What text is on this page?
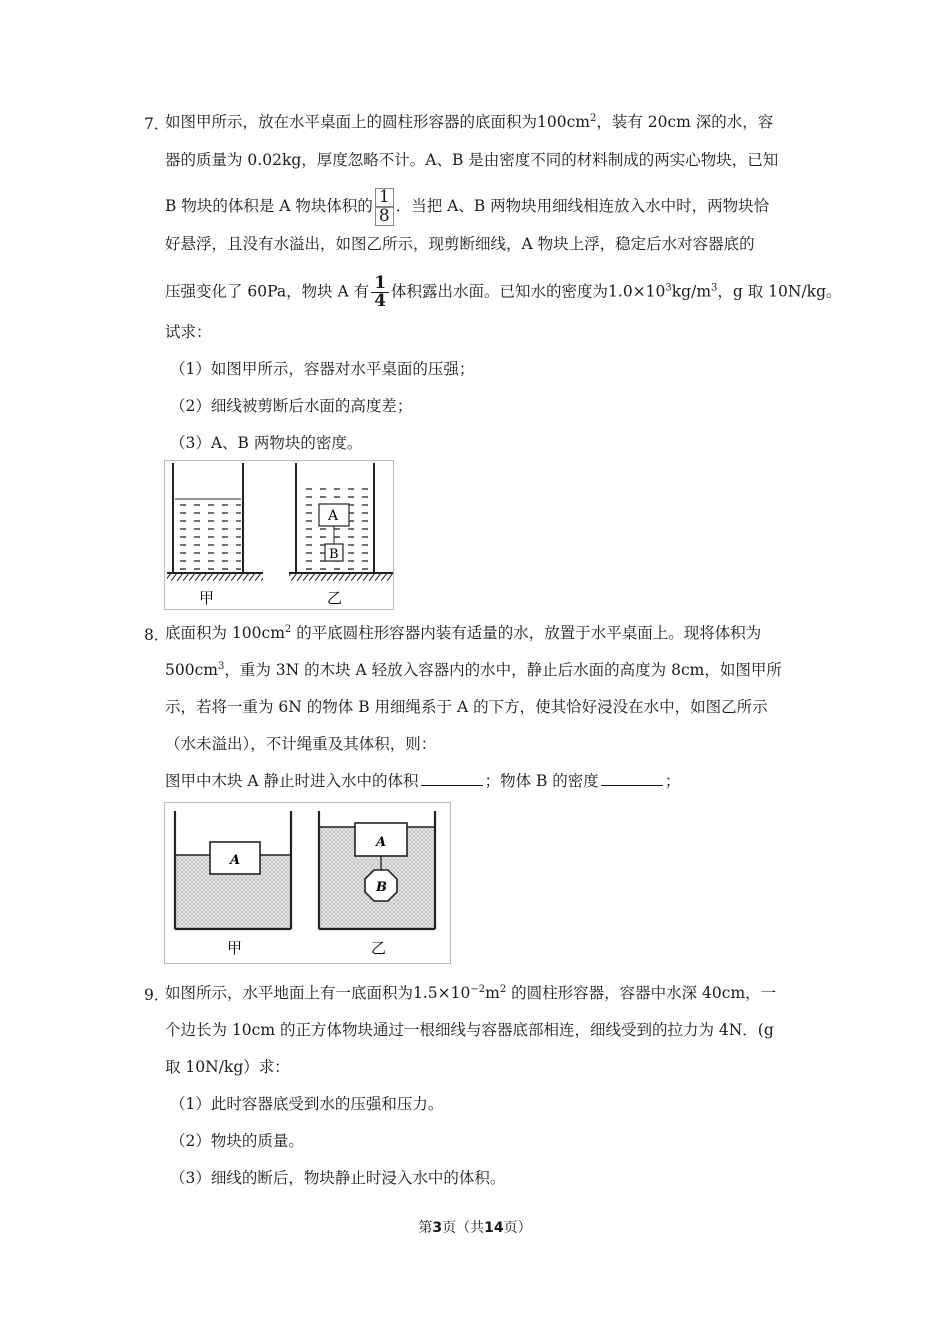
7．
如图甲所示，放在水平桌面上的圆柱形容器的底面积为$100cm^2$，装有 20cm 深的水，容
器的质量为 0.02kg，厚度忽略不计。A、B 是由密度不同的材料制成的两实心物块，已知
B 物块的体积是 A 物块体积的 $\frac{1}{8}$ ．当把 A、B 两物块用细线相连放入水中时，两物块恰
好悬浮，且没有水溢出，如图乙所示，现剪断细线，A 物块上浮，稳定后水对容器底的
压强变化了 60Pa，物块 A 有 $\frac{1}{4}$ 体积露出水面。已知水的密度为$1.0\times 10^3kg/m^3$，g 取 10N/kg。
试求：
（1）如图甲所示，容器对水平桌面的压强；
（2）细线被剪断后水面的高度差；
（3）A、B 两物块的密度。
甲
A
B
乙
8．
底面积为 $100cm^2$ 的平底圆柱形容器内装有适量的水，放置于水平桌面上。现将体积为
$500cm^3$，重为 3N 的木块 A 轻放入容器内的水中，静止后水面的高度为 8cm，如图甲所
示，若将一重为 6N 的物体 B 用细绳系于 A 的下方，使其恰好浸没在水中，如图乙所示
（水未溢出），不计绳重及其体积，则：
图甲中木块 A 静止时进入水中的体积	；物体 B 的密度	；
A
甲
A
B
乙
9．
如图所示，水平地面上有一底面积为$1.5\times 10^{-2}m^2$ 的圆柱形容器，容器中水深 40cm，一
个边长为 10cm 的正方体物块通过一根细线与容器底部相连，细线受到的拉力为 4N．(g
取 10N/kg）求：
（1）此时容器底受到水的压强和压力。
（2）物块的质量。
（3）细线的断后，物块静止时浸入水中的体积。
第3页（共14页）
